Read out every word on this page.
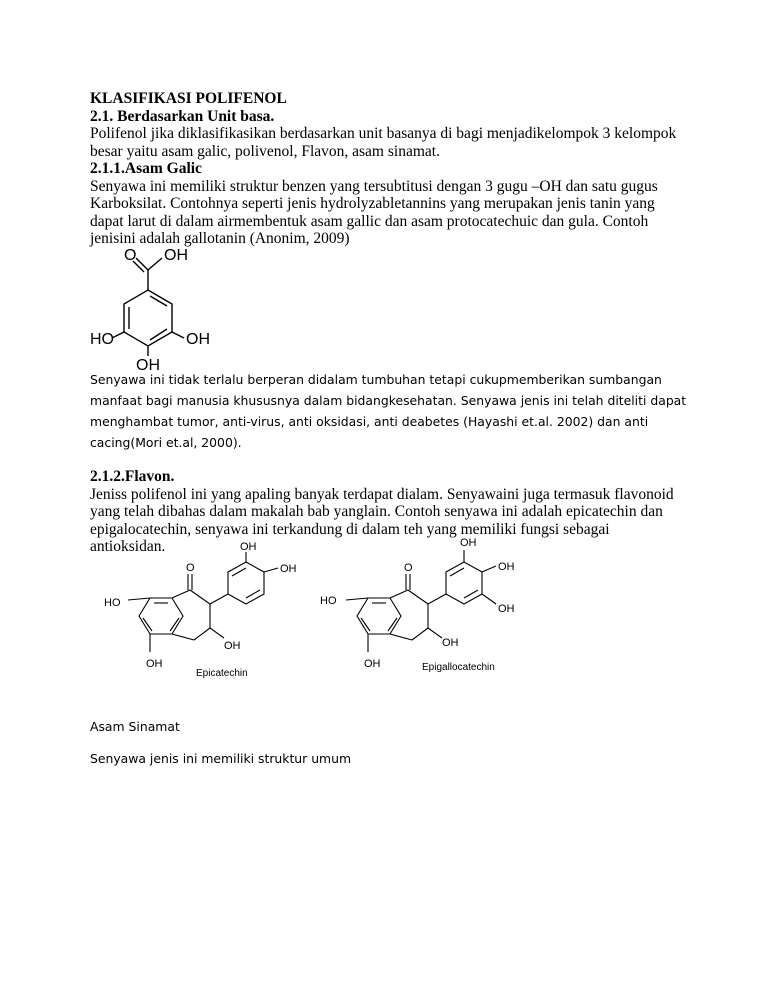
KLASIFIKASI POLIFENOL

2.1. Berdasarkan Unit basa.

Polifenol jika diklasifikasikan berdasarkan unit basanya di bagi menjadikelompok 3 kelompok besar yaitu asam galic, polivenol, Flavon, asam sinamat.

2.1.1.Asam Galic

Senyawa ini memiliki struktur benzen yang tersubtitusi dengan 3 gugu –OH dan satu gugus Karboksilat. Contohnya seperti jenis hydrolyzabletannins yang merupakan jenis tanin yang dapat larut di dalam airmembentuk asam gallic dan asam protocatechuic dan gula. Contoh jenisini adalah gallotanin (Anonim, 2009)

O OH
HO	OH
OH

Senyawa ini tidak terlalu berperan didalam tumbuhan tetapi cukupmemberikan sumbangan

manfaat bagi manusia khususnya dalam bidangkesehatan. Senyawa jenis ini telah diteliti dapat

menghambat tumor, anti-virus, anti oksidasi, anti deabetes (Hayashi et.al. 2002) dan anti

cacing(Mori et.al, 2000).

2.1.2.Flavon.

Jeniss polifenol ini yang apaling banyak terdapat dialam. Senyawaini juga termasuk flavonoid yang telah dibahas dalam makalah bab yanglain. Contoh senyawa ini adalah epicatechin dan epigalocatechin, senyawa ini terkandung di dalam teh yang memiliki fungsi sebagai antioksidan.	OH
OH
O
HO
OH
OH
Epicatechin
OH
OH
OH
O
HO
OH
OH	Epigallocatechin

Asam Sinamat

Senyawa jenis ini memiliki struktur umum
